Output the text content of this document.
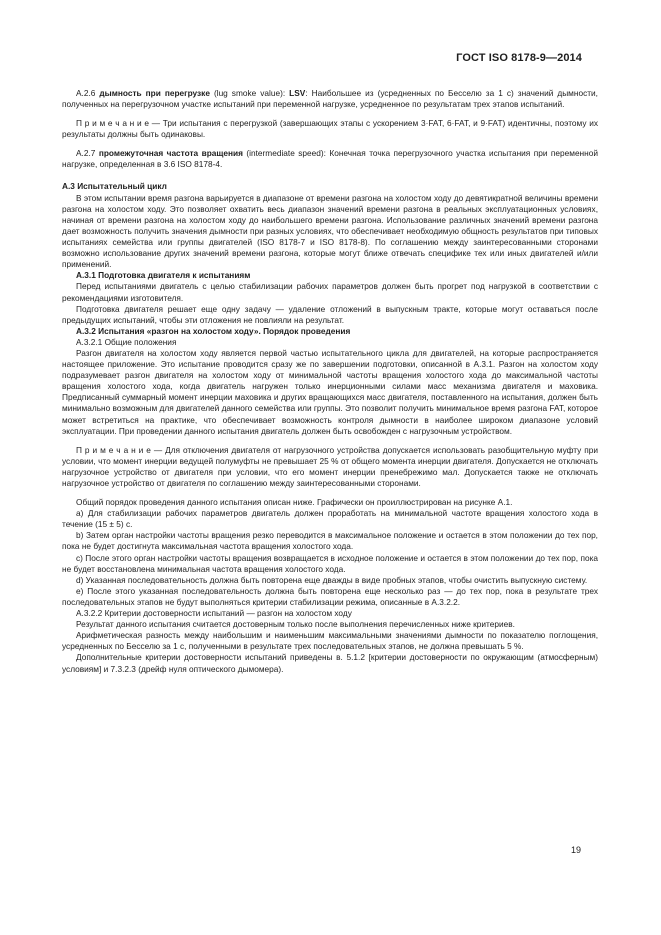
ГОСТ ISO 8178-9—2014

А.2.6 дымность при перегрузке (lug smoke value): LSV: Наибольшее из (усредненных по Бесселю за 1 с) значений дымности, полученных на перегрузочном участке испытаний при переменной нагрузке, усредненное по результатам трех этапов испытаний.

П р и м е ч а н и е — Три испытания с перегрузкой (завершающих этапы с ускорением 3·FAT, 6·FAT, и 9·FAT) идентичны, поэтому их результаты должны быть одинаковы.

А.2.7 промежуточная частота вращения (intermediate speed): Конечная точка перегрузочного участка испытания при переменной нагрузке, определенная в 3.6 ISO 8178-4.

А.3 Испытательный цикл

В этом испытании время разгона варьируется в диапазоне от времени разгона на холостом ходу до девятикратной величины времени разгона на холостом ходу. Это позволяет охватить весь диапазон значений времени разгона в реальных эксплуатационных условиях, начиная от времени разгона на холостом ходу до наибольшего времени разгона. Использование различных значений времени разгона дает возможность получить значения дымности при разных условиях, что обеспечивает необходимую общность результатов при типовых испытаниях семейства или группы двигателей (ISO 8178-7 и ISO 8178-8). По соглашению между заинтересованными сторонами возможно использование других значений времени разгона, которые могут ближе отвечать специфике тех или иных двигателей и/или применений.

А.3.1 Подготовка двигателя к испытаниям

Перед испытаниями двигатель с целью стабилизации рабочих параметров должен быть прогрет под нагрузкой в соответствии с рекомендациями изготовителя.

Подготовка двигателя решает еще одну задачу — удаление отложений в выпускным тракте, которые могут оставаться после предыдущих испытаний, чтобы эти отложения не повлияли на результат.

А.3.2 Испытания «разгон на холостом ходу». Порядок проведения
А.3.2.1 Общие положения

Разгон двигателя на холостом ходу является первой частью испытательного цикла для двигателей, на которые распространяется настоящее приложение. Это испытание проводится сразу же по завершении подготовки, описанной в А.3.1. Разгон на холостом ходу подразумевает разгон двигателя на холостом ходу от минимальной частоты вращения холостого хода до максимальной частоты вращения холостого хода, когда двигатель нагружен только инерционными силами масс механизма двигателя и маховика. Предписанный суммарный момент инерции маховика и других вращающихся масс двигателя, поставленного на испытания, должен быть минимально возможным для двигателей данного семейства или группы. Это позволит получить минимальное время разгона FAT, которое может встретиться на практике, что обеспечивает возможность контроля дымности в наиболее широком диапазоне условий эксплуатации. При проведении данного испытания двигатель должен быть освобожден с нагрузочным устройством.

П р и м е ч а н и е — Для отключения двигателя от нагрузочного устройства допускается использовать разобщительную муфту при условии, что момент инерции ведущей полумуфты не превышает 25 % от общего момента инерции двигателя. Допускается не отключать нагрузочное устройство от двигателя при условии, что его момент инерции пренебрежимо мал. Допускается также не отключать нагрузочное устройство от двигателя по соглашению между заинтересованными сторонами.

Общий порядок проведения данного испытания описан ниже. Графически он проиллюстрирован на рисунке А.1.

a) Для стабилизации рабочих параметров двигатель должен проработать на минимальной частоте вращения холостого хода в течение (15 ± 5) с.

b) Затем орган настройки частоты вращения резко переводится в максимальное положение и остается в этом положении до тех пор, пока не будет достигнута максимальная частота вращения холостого хода.

c) После этого орган настройки частоты вращения возвращается в исходное положение и остается в этом положении до тех пор, пока не будет восстановлена минимальная частота вращения холостого хода.

d) Указанная последовательность должна быть повторена еще дважды в виде пробных этапов, чтобы очистить выпускную систему.

e) После этого указанная последовательность должна быть повторена еще несколько раз — до тех пор, пока в результате трех последовательных этапов не будут выполняться критерии стабилизации режима, описанные в А.3.2.2.

А.3.2.2 Критерии достоверности испытаний — разгон на холостом ходу

Результат данного испытания считается достоверным только после выполнения перечисленных ниже критериев.

Арифметическая разность между наибольшим и наименьшим максимальными значениями дымности по показателю поглощения, усредненных по Бесселю за 1 с, полученными в результате трех последовательных этапов, не должна превышать 5 %.

Дополнительные критерии достоверности испытаний приведены в. 5.1.2 [критерии достоверности по окружающим (атмосферным) условиям] и 7.3.2.3 (дрейф нуля оптического дымомера).

19
